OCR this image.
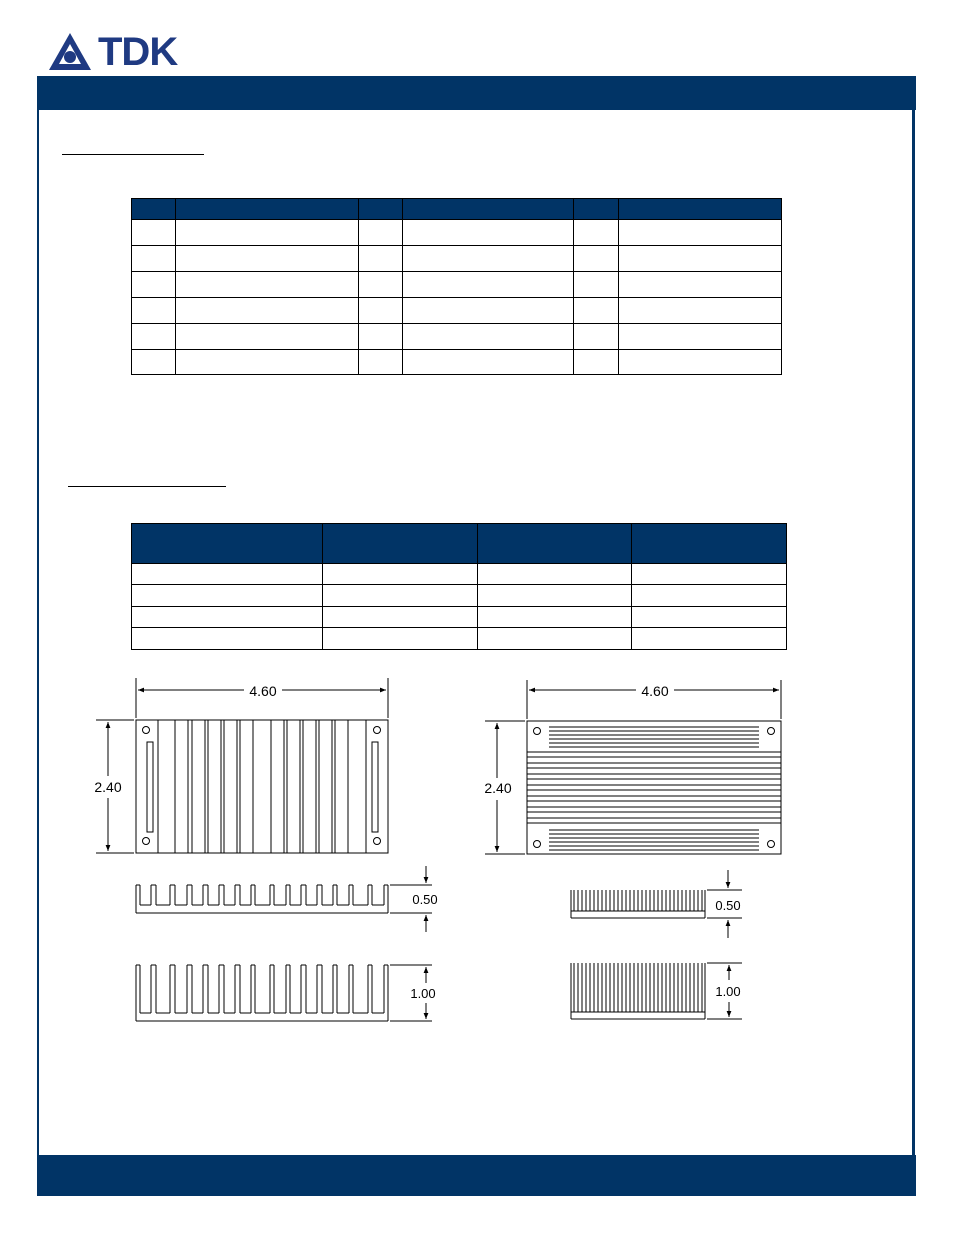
TDK

4.60
2.40
0.50
1.00
4.60
2.40
0.50
1.00
